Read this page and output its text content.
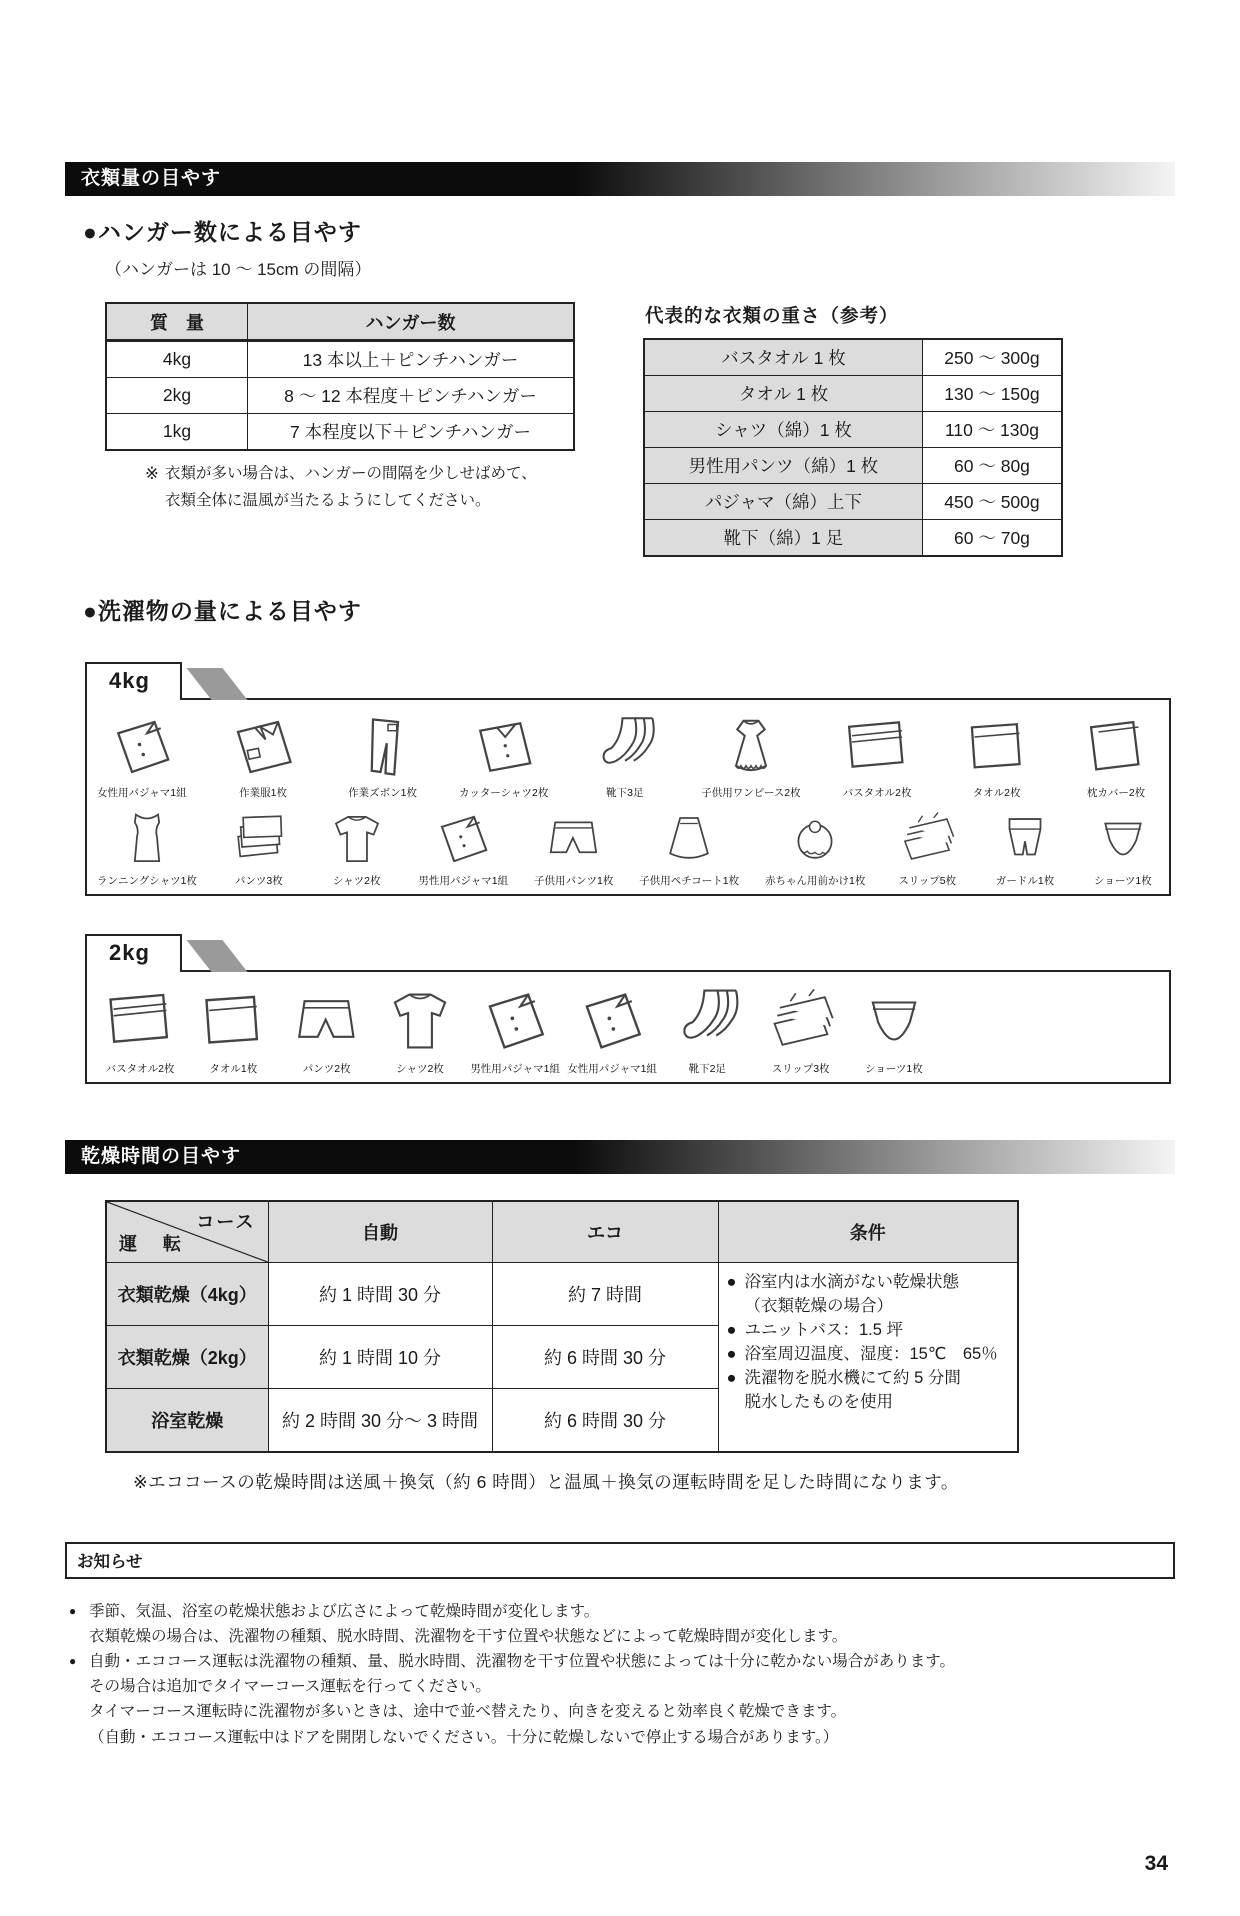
衣類量の目やす
●ハンガー数による目やす
（ハンガーは 10 ～ 15cm の間隔）
質　量	ハンガー数
4kg	13 本以上＋ピンチハンガー
2kg	8 ～ 12 本程度＋ピンチハンガー
1kg	7 本程度以下＋ピンチハンガー
※ 衣類が多い場合は、ハンガーの間隔を少しせばめて、
衣類全体に温風が当たるようにしてください。
代表的な衣類の重さ（参考）
バスタオル 1 枚	250 ～ 300g
タオル 1 枚	130 ～ 150g
シャツ（綿）1 枚	110 ～ 130g
男性用パンツ（綿）1 枚	60 ～ 80g
パジャマ（綿）上下	450 ～ 500g
靴下（綿）1 足	60 ～ 70g
●洗濯物の量による目やす
4kg
女性用パジャマ1組	作業服1枚	作業ズボン1枚	カッターシャツ2枚	靴下3足	子供用ワンピース2枚	バスタオル2枚	タオル2枚	枕カバー2枚
ランニングシャツ1枚	パンツ3枚	シャツ2枚	男性用パジャマ1組 子供用パンツ1枚 子供用ペチコート1枚 赤ちゃん用前かけ1枚	スリップ5枚	ガードル1枚	ショーツ1枚
2kg
バスタオル2枚	タオル1枚	パンツ2枚	シャツ2枚	男性用パジャマ1組 女性用パジャマ1組	靴下2足	スリップ3枚	ショーツ1枚
乾燥時間の目やす
コース
運　転	自動	エコ	条件
衣類乾燥（4kg）	約 1 時間 30 分	約 7 時間	
● 浴室内は水滴がない乾燥状態
（衣類乾燥の場合）
● ユニットバス：1.5 坪
● 浴室周辺温度、湿度：15℃　65％
● 洗濯物を脱水機にて約 5 分間
脱水したものを使用

衣類乾燥（2kg）	約 1 時間 10 分	約 6 時間 30 分	
浴室乾燥	約 2 時間 30 分～ 3 時間	約 6 時間 30 分	
※エココースの乾燥時間は送風＋換気（約 6 時間）と温風＋換気の運転時間を足した時間になります。
お知らせ
● 季節、気温、浴室の乾燥状態および広さによって乾燥時間が変化します。
衣類乾燥の場合は、洗濯物の種類、脱水時間、洗濯物を干す位置や状態などによって乾燥時間が変化します。
● 自動・エココース運転は洗濯物の種類、量、脱水時間、洗濯物を干す位置や状態によっては十分に乾かない場合があります。
その場合は追加でタイマーコース運転を行ってください。
タイマーコース運転時に洗濯物が多いときは、途中で並べ替えたり、向きを変えると効率良く乾燥できます。
（自動・エココース運転中はドアを開閉しないでください。十分に乾燥しないで停止する場合があります。）
34
